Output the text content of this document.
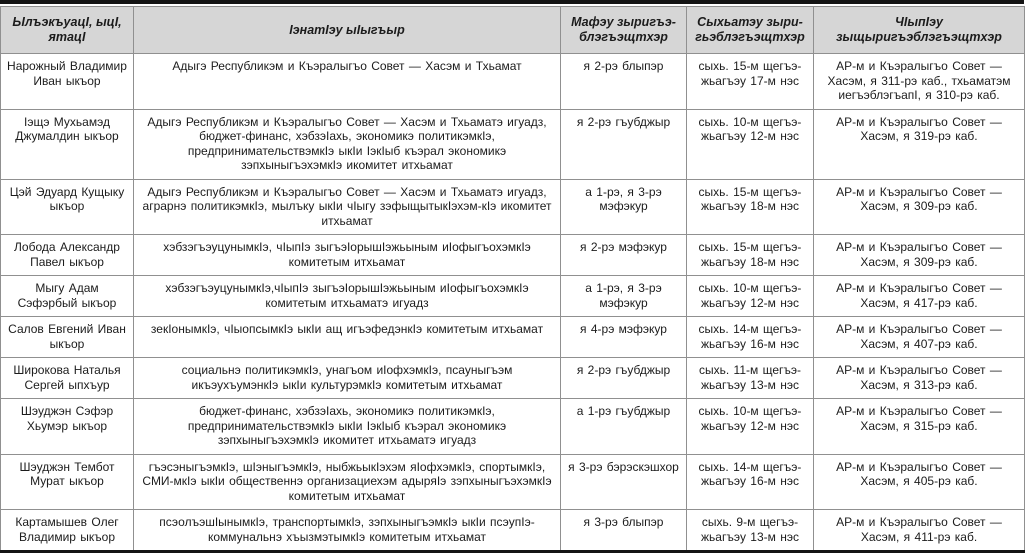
ЫлъэкъуацӀ, ыцӀ, ятацӀ	ӀэнатӀэу ыӀыгъыр	Мафэу зыригъэ-блэгъэщтхэр	Сыхьатэу зыри-гьэблэгъэщтхэр	ЧӀыпӀэу зыщыригъэблэгъэщтхэр
Нарожный Владимир Иван ыкъор	Адыгэ Республикэм и Къэралыгъо Совет — Хасэм и Тхьамат	я 2-рэ блыпэр	сыхь. 15-м щегъэ-жьагъэу 17-м нэс	АР-м и Къэралыгъо Совет — Хасэм, я 311-рэ каб., тхьаматэм иегъэблэгъапӀ, я 310-рэ каб.
Ӏэщэ Мухьамэд Джумалдин ыкъор	Адыгэ Республикэм и Къэралыгъо Совет — Хасэм и Тхьаматэ игуадз, бюджет-финанс, хэбзэӀахь, экономикэ политикэмкӀэ, предпринимательствэмкӀэ ыкӀи ӀэкӀыб къэрал экономикэ зэпхыныгъэхэмкӀэ икомитет итхьамат	я 2-рэ гъубджыр	сыхь. 10-м щегъэ-жьагъэу 12-м нэс	АР-м и Къэралыгъо Совет — Хасэм, я 319-рэ каб.
Цэй Эдуард Кущыку ыкъор	Адыгэ Республикэм и Къэралыгъо Совет — Хасэм и Тхьаматэ игуадз, аграрнэ политикэмкӀэ, мылъку ыкӀи чӀыгу зэфыщытыкӀэхэм-кӀэ икомитет итхьамат	а 1-рэ, я 3-рэ мэфэкур	сыхь. 15-м щегъэ-жьагъэу 18-м нэс	АР-м и Къэралыгъо Совет — Хасэм, я 309-рэ каб.
Лобода Александр Павел ыкъор	хэбзэгъэуцунымкӀэ, чӀыпӀэ зыгъэӀорышӀэжьыным иӀофыгъохэмкӀэ комитетым итхьамат	я 2-рэ мэфэкур	сыхь. 15-м щегъэ-жьагъэу 18-м нэс	АР-м и Къэралыгъо Совет — Хасэм, я 309-рэ каб.
Мыгу Адам Сэфэрбый ыкъор	хэбзэгъэуцунымкӀэ,чӀыпӀэ зыгъэӀорышӀэжьыным иӀофыгъохэмкӀэ комитетым итхьаматэ игуадз	а 1-рэ, я 3-рэ мэфэкур	сыхь. 10-м щегъэ-жьагъэу 12-м нэс	АР-м и Къэралыгъо Совет — Хасэм, я 417-рэ каб.
Салов Евгений Иван ыкъор	зекӀонымкӀэ, чӀыопсымкӀэ ыкӀи ащ игъэфедэнкӀэ комитетым итхьамат	я 4-рэ мэфэкур	сыхь. 14-м щегъэ-жьагъэу 16-м нэс	АР-м и Къэралыгъо Совет — Хасэм, я 407-рэ каб.
Широкова Наталья Сергей ыпхъур	социальнэ политикэмкӀэ, унагъом иӀофхэмкӀэ, псауныгъэм икъэухъумэнкӀэ ыкӀи культурэмкӀэ комитетым итхьамат	я 2-рэ гъубджыр	сыхь. 11-м щегъэ-жьагъэу 13-м нэс	АР-м и Къэралыгъо Совет — Хасэм, я 313-рэ каб.
Шэуджэн Сэфэр Хьумэр ыкъор	бюджет-финанс, хэбзэӀахь, экономикэ политикэмкӀэ, предпринимательствэмкӀэ ыкӀи ӀэкӀыб къэрал экономикэ зэпхыныгъэхэмкӀэ икомитет итхьаматэ игуадз	а 1-рэ гъубджыр	сыхь. 10-м щегъэ-жьагъэу 12-м нэс	АР-м и Къэралыгъо Совет — Хасэм, я 315-рэ каб.
Шэуджэн Тембот Мурат ыкъор	гъэсэныгъэмкӀэ, шӀэныгъэмкӀэ, ныбжьыкӀэхэм яӀофхэмкӀэ, спортымкӀэ, СМИ-мкӀэ ыкӀи общественнэ организациехэм адыряӀэ зэпхыныгъэхэмкӀэ комитетым итхьамат	я 3-рэ бэрэскэшхор	сыхь. 14-м щегъэ-жьагъэу 16-м нэс	АР-м и Къэралыгъо Совет — Хасэм, я 405-рэ каб.
Картамышев Олег Владимир ыкъор	псэолъэшӀынымкӀэ, транспортымкӀэ, зэпхыныгъэмкӀэ ыкӀи псэупӀэ-коммунальнэ хъызмэтымкӀэ комитетым итхьамат	я 3-рэ блыпэр	сыхь. 9-м щегъэ-жьагъэу 13-м нэс	АР-м и Къэралыгъо Совет — Хасэм, я 411-рэ каб.
